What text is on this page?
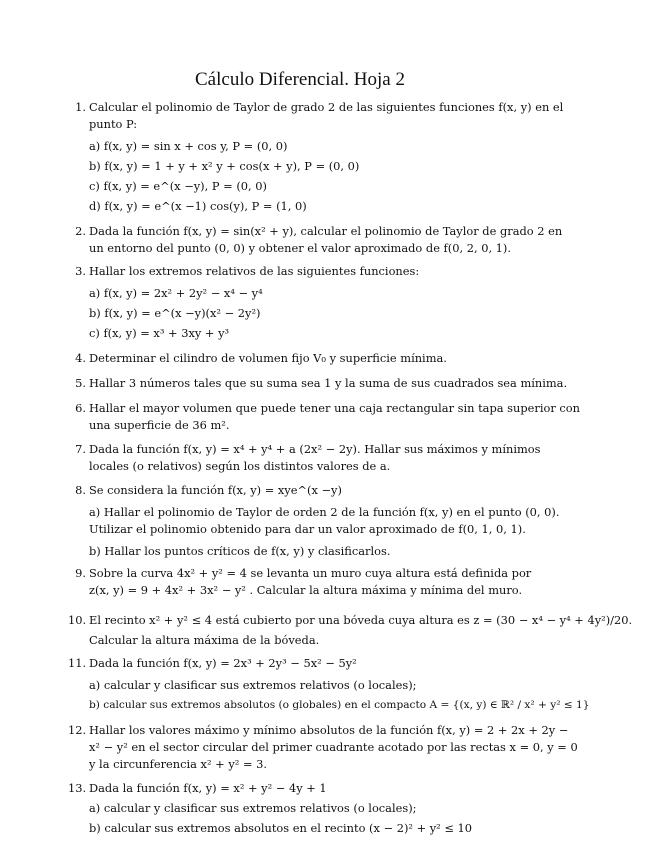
Cálculo Diferencial. Hoja 2
1. Calcular el polinomio de Taylor de grado 2 de las siguientes funciones f(x, y) en el
punto P:
a) f(x, y) = sin x + cos y, P = (0, 0)
b) f(x, y) = 1 + y + x² y + cos(x + y), P = (0, 0)
c) f(x, y) = e^(x −y), P = (0, 0)
d) f(x, y) = e^(x −1) cos(y), P = (1, 0)
2. Dada la función f(x, y) = sin(x² + y), calcular el polinomio de Taylor de grado 2 en
un entorno del punto (0, 0) y obtener el valor aproximado de f(0, 2, 0, 1).
3. Hallar los extremos relativos de las siguientes funciones:
a) f(x, y) = 2x² + 2y² − x⁴ − y⁴
b) f(x, y) = e^(x −y)(x² − 2y²)
c) f(x, y) = x³ + 3xy + y³
4. Determinar el cilindro de volumen fijo V₀ y superficie mínima.
5. Hallar 3 números tales que su suma sea 1 y la suma de sus cuadrados sea mínima.
6. Hallar el mayor volumen que puede tener una caja rectangular sin tapa superior con
una superficie de 36 m².
7. Dada la función f(x, y) = x⁴ + y⁴ + a (2x² − 2y). Hallar sus máximos y mínimos
locales (o relativos) según los distintos valores de a.
8. Se considera la función f(x, y) = xye^(x −y)
a) Hallar el polinomio de Taylor de orden 2 de la función f(x, y) en el punto (0, 0).
Utilizar el polinomio obtenido para dar un valor aproximado de f(0, 1, 0, 1).
b) Hallar los puntos críticos de f(x, y) y clasificarlos.
9. Sobre la curva 4x² + y² = 4 se levanta un muro cuya altura está definida por
z(x, y) = 9 + 4x² + 3x² − y² . Calcular la altura máxima y mínima del muro.
10. El recinto x² + y² ≤ 4 está cubierto por una bóveda cuya altura es z = (30 − x⁴ − y⁴ + 4y²)/20.
Calcular la altura máxima de la bóveda.
11. Dada la función f(x, y) = 2x³ + 2y³ − 5x² − 5y²
a) calcular y clasificar sus extremos relativos (o locales);
b) calcular sus extremos absolutos (o globales) en el compacto A = {(x, y) ∈ ℝ² / x² + y² ≤ 1}
12. Hallar los valores máximo y mínimo absolutos de la función f(x, y) = 2 + 2x + 2y −
x² − y² en el sector circular del primer cuadrante acotado por las rectas x = 0, y = 0
y la circunferencia x² + y² = 3.
13. Dada la función f(x, y) = x² + y² − 4y + 1
a) calcular y clasificar sus extremos relativos (o locales);
b) calcular sus extremos absolutos en el recinto (x − 2)² + y² ≤ 10
